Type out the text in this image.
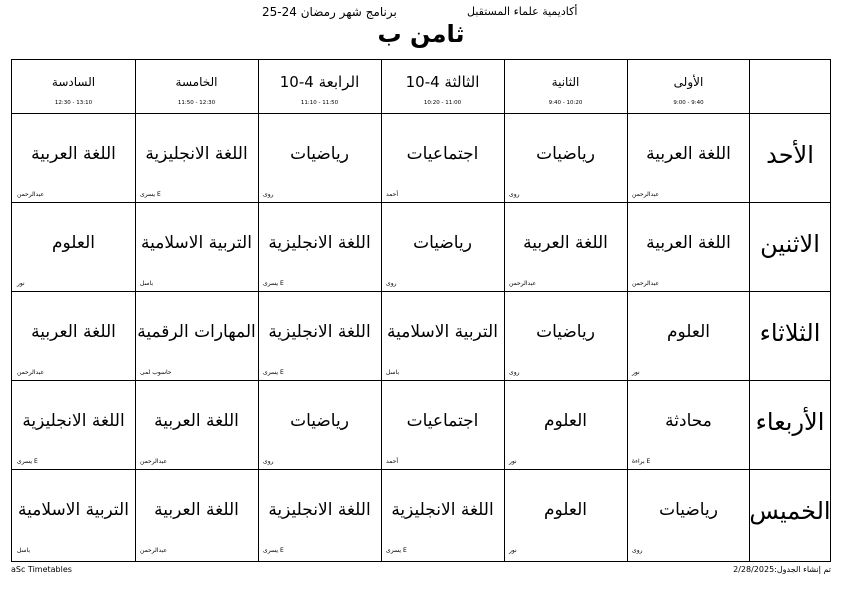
أكاديمية علماء المستقبل
برنامج شهر رمضان 24-25
ثامن ب
الأولى
9:00 - 9:40
الثانية
9:40 - 10:20
الثالثة 4-10
10:20 - 11:00
الرابعة 4-10
11:10 - 11:50
الخامسة
11:50 - 12:30
السادسة
12:30 - 13:10
الأحد
اللغة العربية
عبدالرحمن
رياضيات
روى
اجتماعيات
أحمد
رياضيات
روى
اللغة الانجليزية
E يسرى
اللغة العربية
عبدالرحمن
الاثنين
اللغة العربية
عبدالرحمن
اللغة العربية
عبدالرحمن
رياضيات
روى
اللغة الانجليزية
E يسرى
التربية الاسلامية
باسل
العلوم
نور
الثلاثاء
العلوم
نور
رياضيات
روى
التربية الاسلامية
باسل
اللغة الانجليزية
E يسرى
المهارات الرقمية
حاسوب لمى
اللغة العربية
عبدالرحمن
الأربعاء
محادثة
E براءة
العلوم
نور
اجتماعيات
أحمد
رياضيات
روى
اللغة العربية
عبدالرحمن
اللغة الانجليزية
E يسرى
الخميس
رياضيات
روى
العلوم
نور
اللغة الانجليزية
E يسرى
اللغة الانجليزية
E يسرى
اللغة العربية
عبدالرحمن
التربية الاسلامية
باسل
aSc Timetables	تم إنشاء الجدول:2/28/2025
